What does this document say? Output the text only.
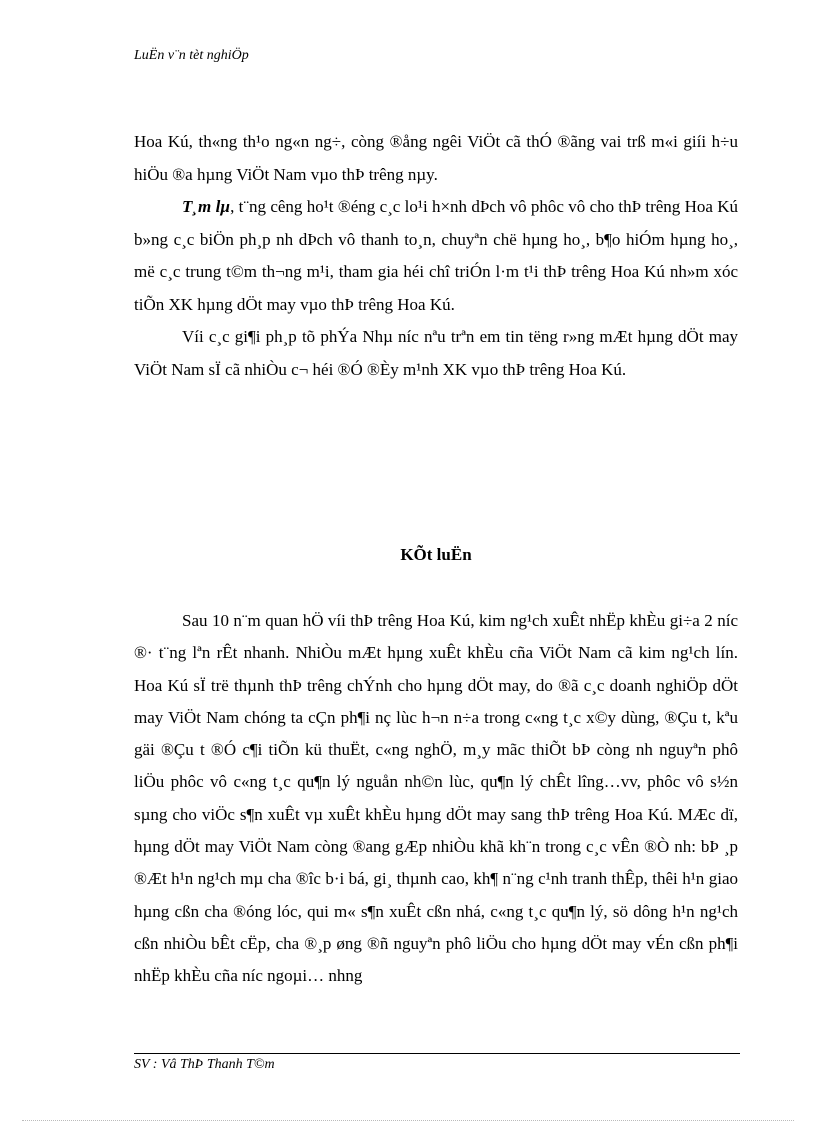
LuËn v¨n tèt nghiÖp

Hoa Kú, th«ng th¹o ng«n ng÷, còng ®ång ngêi ViÖt cã thÓ ®ãng vai trß m«i giíi h÷u hiÖu ®a hµng ViÖt Nam vµo thÞ trêng nµy.

T¸m lµ, t¨ng cêng ho¹t ®éng c¸c lo¹i h×nh dÞch vô phôc vô cho thÞ trêng Hoa Kú b»ng c¸c biÖn ph¸p nh dÞch vô thanh to¸n, chuyªn chë hµng ho¸, b¶o hiÓm hµng ho¸, më c¸c trung t©m th¬ng m¹i, tham gia héi chî triÓn l·m t¹i thÞ trêng Hoa Kú nh»m xóc tiÕn XK hµng dÖt may vµo thÞ trêng Hoa Kú.

Víi c¸c gi¶i ph¸p tõ phÝa Nhµ níc nªu trªn em tin tëng r»ng mÆt hµng dÖt may ViÖt Nam sÏ cã nhiÒu c¬ héi ®Ó ®Èy m¹nh XK vµo thÞ trêng Hoa Kú.

KÕt luËn

Sau 10 n¨m quan hÖ víi thÞ trêng Hoa Kú, kim ng¹ch xuÊt nhËp khÈu gi÷a 2 níc ®· t¨ng lªn rÊt nhanh. NhiÒu mÆt hµng xuÊt khÈu cña ViÖt Nam cã kim ng¹ch lín. Hoa Kú sÏ trë thµnh thÞ trêng chÝnh cho hµng dÖt may, do ®ã c¸c doanh nghiÖp dÖt may ViÖt Nam chóng ta cÇn ph¶i nç lùc h¬n n÷a trong c«ng t¸c x©y dùng, ®Çu t, kªu gäi ®Çu t ®Ó c¶i tiÕn kü thuËt, c«ng nghÖ, m¸y mãc thiÕt bÞ còng nh nguyªn phô liÖu phôc vô c«ng t¸c qu¶n lý nguån nh©n lùc, qu¶n lý chÊt lîng…vv, phôc vô s½n sµng cho viÖc s¶n xuÊt vµ xuÊt khÈu hµng dÖt may sang thÞ trêng Hoa Kú. MÆc dï, hµng dÖt may ViÖt Nam còng ®ang gÆp nhiÒu khã kh¨n trong c¸c vÊn ®Ò nh: bÞ ¸p ®Æt h¹n ng¹ch mµ cha ®îc b·i bá, gi¸ thµnh cao, kh¶ n¨ng c¹nh tranh thÊp, thêi h¹n giao hµng cßn cha ®óng lóc, qui m« s¶n xuÊt cßn nhá, c«ng t¸c qu¶n lý, sö dông h¹n ng¹ch cßn nhiÒu bÊt cËp, cha ®¸p øng ®ñ nguyªn phô liÖu cho hµng dÖt may vÉn cßn ph¶i nhËp khÈu cña níc ngoµi… nhng

SV : Vâ ThÞ Thanh T©m
